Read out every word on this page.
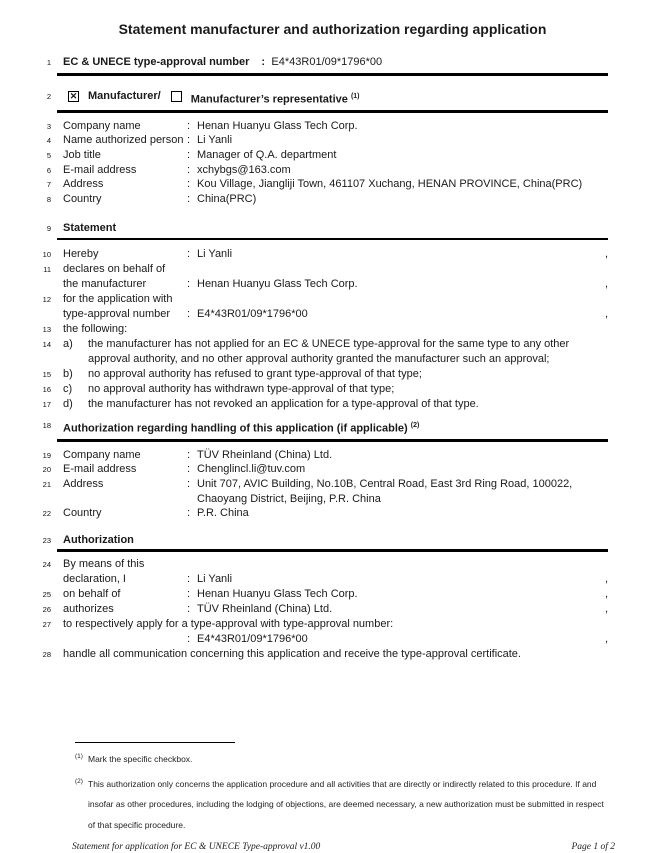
Statement manufacturer and authorization regarding application
1 EC & UNECE type-approval number : E4*43R01/09*1796*00
2 ✕ Manufacturer/	Manufacturer’s representative $^{(1)}$
3 Company name	: Henan Huanyu Glass Tech Corp.
4 Name authorized person : Li Yanli
5 Job title	: Manager of Q.A. department
6 E-mail address	: xchybgs@163.com
7 Address	: Kou Village, Jiangliji Town, 461107 Xuchang, HENAN PROVINCE, China(PRC)
8 Country	: China(PRC)
9 Statement
10 Hereby	: Li Yanli	,
11 declares on behalf of
the manufacturer	: Henan Huanyu Glass Tech Corp.	,
12 for the application with
type-approval number	: E4*43R01/09*1796*00	,
13 the following:
14 a)	the manufacturer has not applied for an EC & UNECE type-approval for the same type to any other approval authority, and no other approval authority granted the manufacturer such an approval;
15 b)	no approval authority has refused to grant type-approval of that type;
16 c)	no approval authority has withdrawn type-approval of that type;
17 d)	the manufacturer has not revoked an application for a type-approval of that type.
18 Authorization regarding handling of this application (if applicable) $^{(2)}$
19 Company name	: TÜV Rheinland (China) Ltd.
20 E-mail address	: Chenglincl.li@tuv.com
21 Address	: Unit 707, AVIC Building, No.10B, Central Road, East 3rd Ring Road, 100022,
Chaoyang District, Beijing, P.R. China
22 Country	: P.R. China
23 Authorization
24 By means of this
declaration, I	: Li Yanli	,
25 on behalf of	: Henan Huanyu Glass Tech Corp.	,
26 authorizes	: TÜV Rheinland (China) Ltd.	,
27 to respectively apply for a type-approval with type-approval number:
: E4*43R01/09*1796*00	,
28 handle all communication concerning this application and receive the type-approval certificate.
(1) Mark the specific checkbox.
(2) This authorization only concerns the application procedure and all activities that are directly or indirectly related to this procedure. If and insofar as other procedures, including the lodging of objections, are deemed necessary, a new authorization must be submitted in respect of that specific procedure.
Statement for application for EC & UNECE Type-approval v1.00	Page 1 of 2
